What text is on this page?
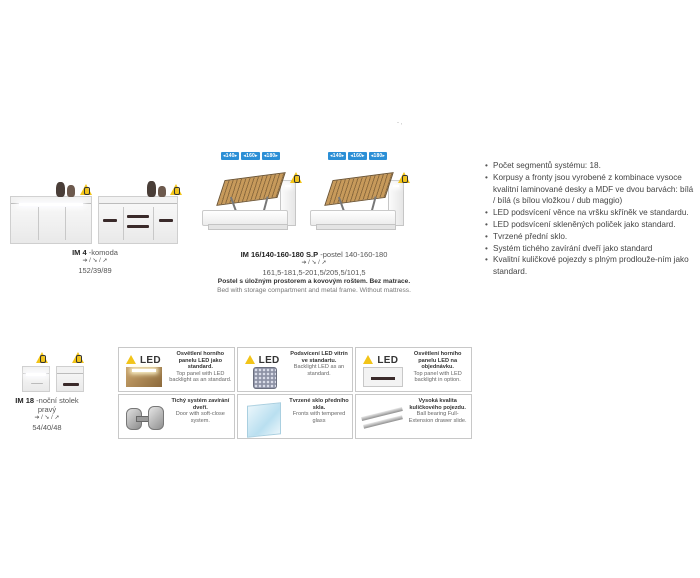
- ,
IM 4 -komoda
➔ / ➘ / ➚
152/39/89
◂140▸	◂160▸	◂180▸	◂140▸	◂160▸	◂180▸
IM 16/140-160-180 S.P -postel 140-160-180
➔ / ➘ / ➚
161,5-181,5-201,5/205,5/101,5
Postel s úložným prostorem a kovovým roštem. Bez matrace.
Bed with storage compartment and metal frame. Without mattress.
• Počet segmentů systému: 18.
• Korpusy a fronty jsou vyrobené z kombinace vysoce kvalitní laminované desky a MDF ve dvou barvách: bílá / bílá (s bílou vložkou / dub maggio)
• LED podsvícení věnce na vršku skříněk ve standardu.
• LED podsvícení skleněných poliček jako standard.
• Tvrzené přední sklo.
• Systém tichého zavírání dveří jako standard
• Kvalitní kuličkové pojezdy s plným prodlouže-ním jako standard.
IM 18 -noční stolek
pravý
➔ / ➘ / ➚
54/40/48
LED
Osvětlení horního panelu LED jako standard.
Top panel with LED backlight as an standard.
LED
Podsvícení LED vitrín ve standartu.
Backlight LED as an standard.
LED
Osvětlení horního panelu LED na objednávku.
Top panel with LED backlight in option.
Tichý systém zavírání dveří.
Door with soft-close system.
Tvrzené sklo předního skla.
Fronts with tempered glass
Vysoká kvalita kuličkového pojezdu.
Ball bearing Full-Extension drawer slide.
